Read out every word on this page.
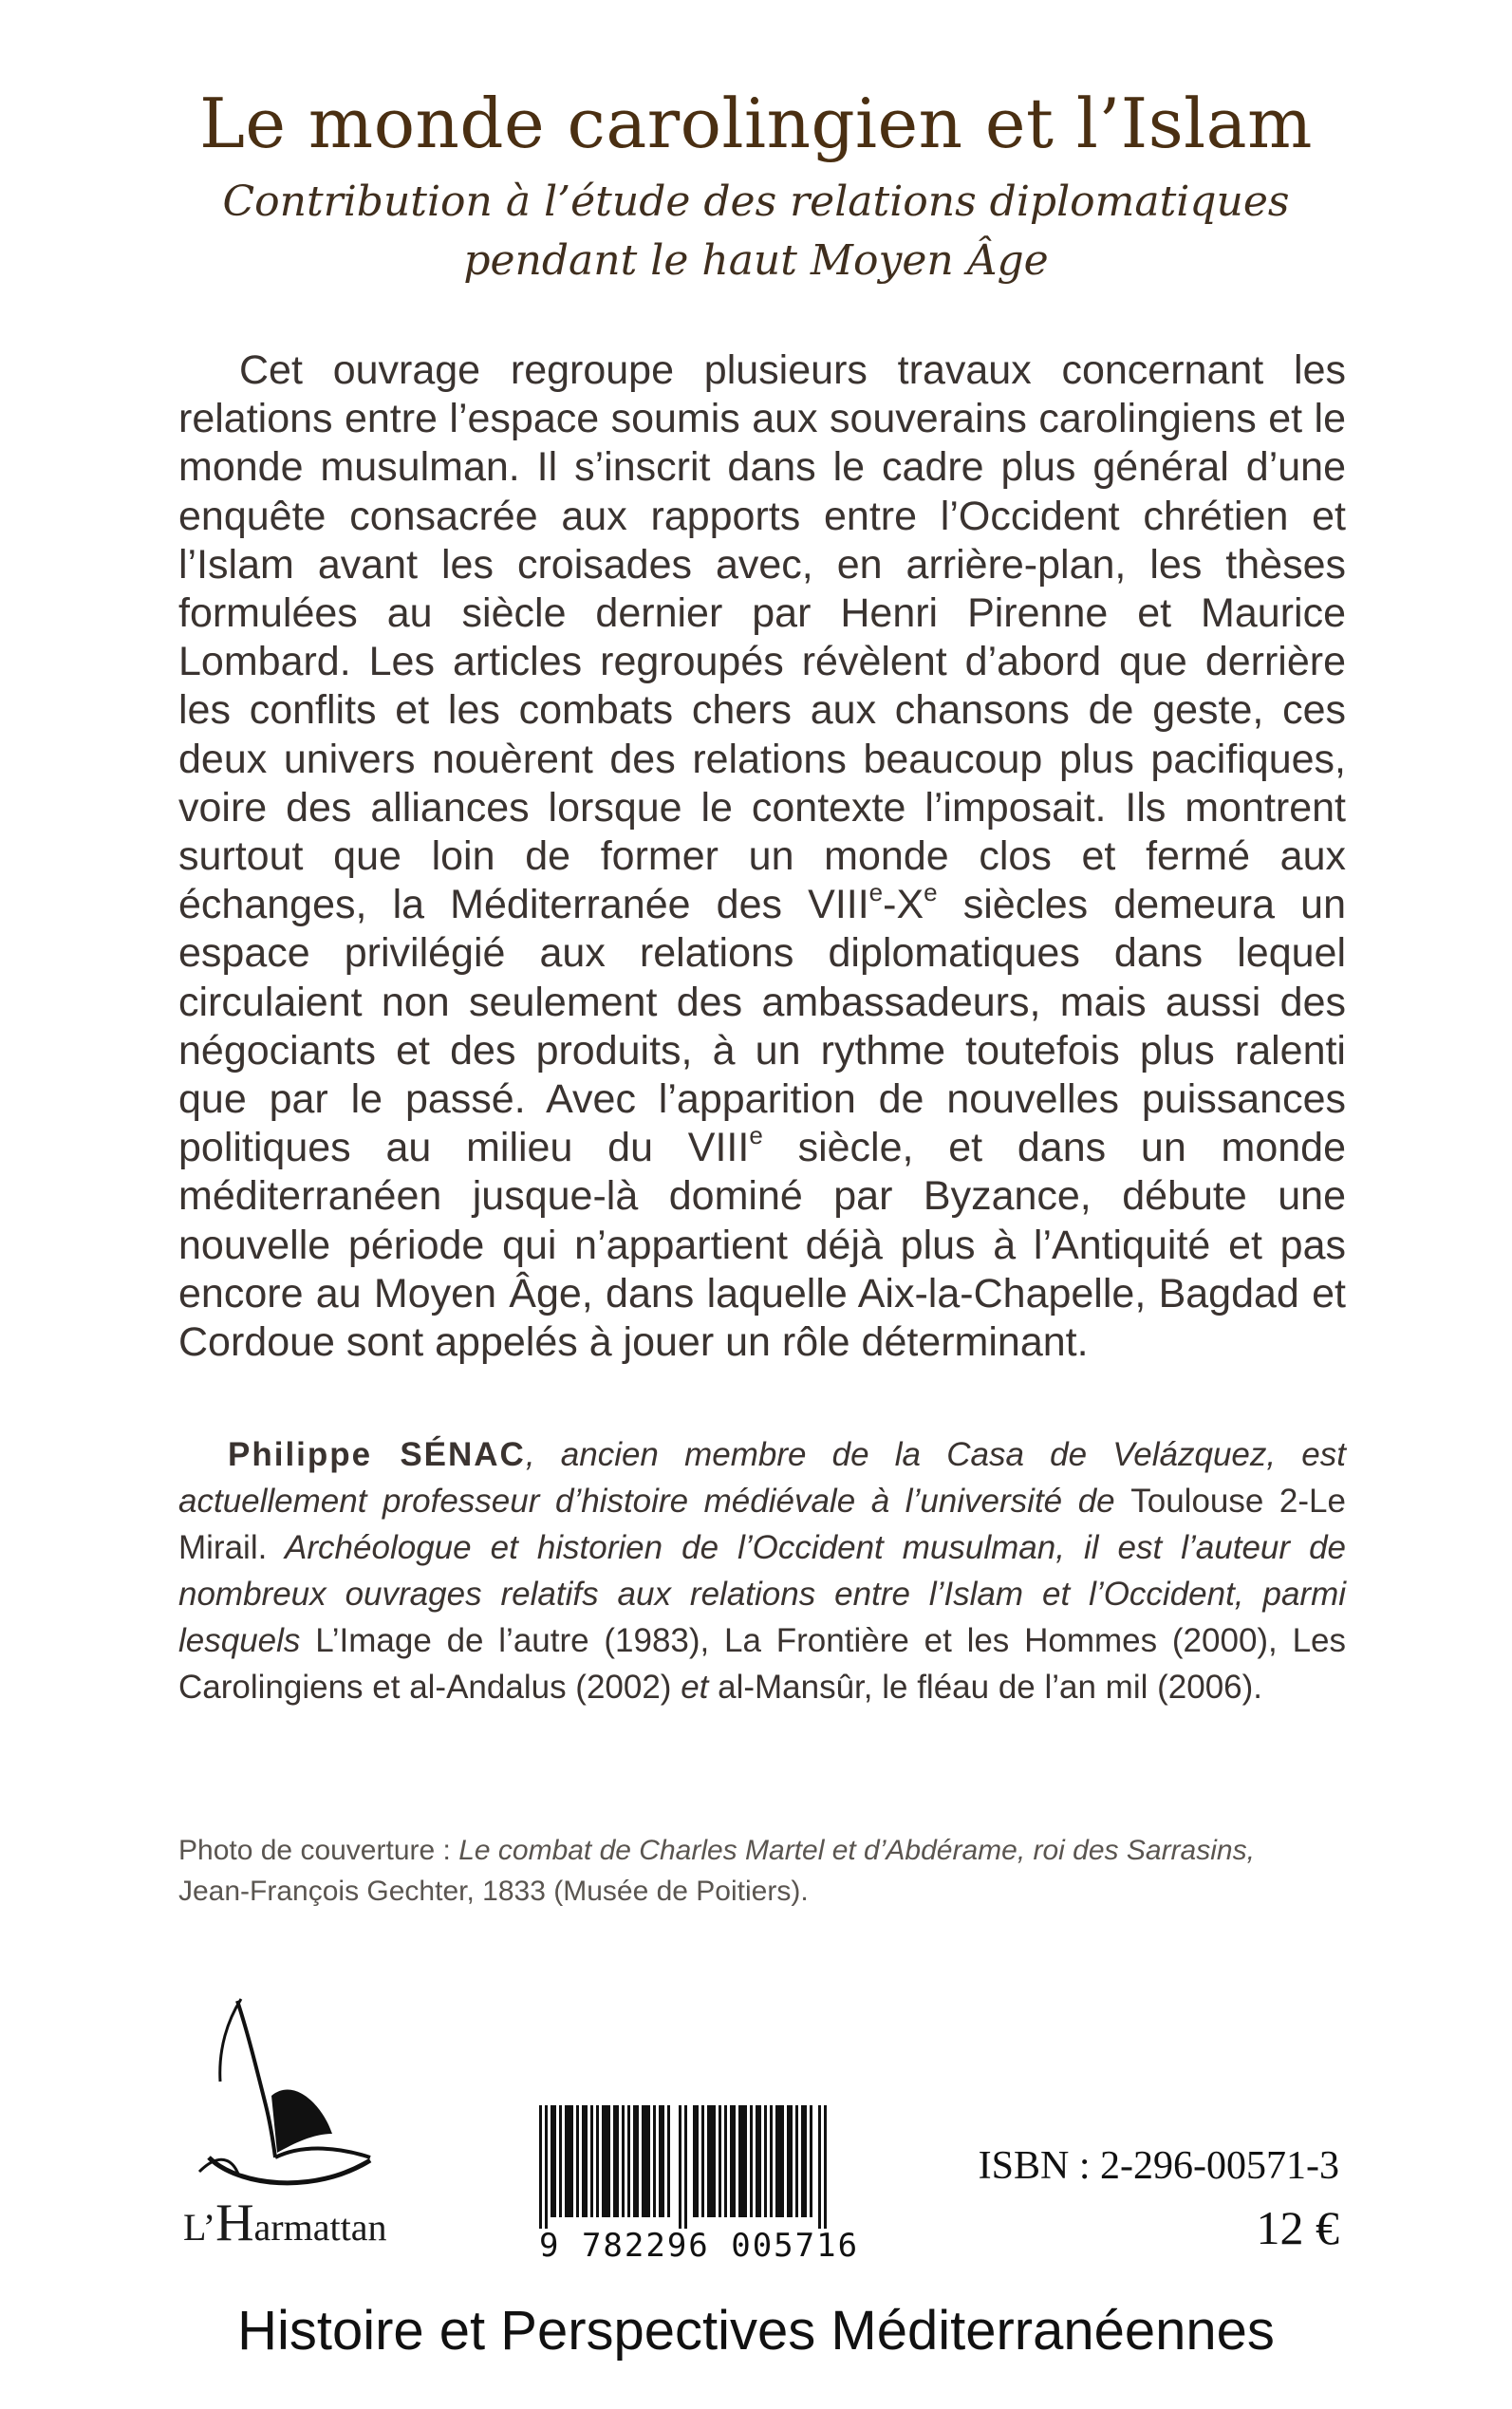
Le monde carolingien et l’Islam
Contribution à l’étude des relations diplomatiques
pendant le haut Moyen Âge
Cet ouvrage regroupe plusieurs travaux concernant les relations entre l’espace soumis aux souverains carolingiens et le monde musulman. Il s’inscrit dans le cadre plus général d’une enquête consacrée aux rapports entre l’Occident chrétien et l’Islam avant les croisades avec, en arrière-plan, les thèses formulées au siècle dernier par Henri Pirenne et Maurice Lombard. Les articles regroupés révèlent d’abord que derrière les conflits et les combats chers aux chansons de geste, ces deux univers nouèrent des relations beaucoup plus pacifiques, voire des alliances lorsque le contexte l’imposait. Ils montrent surtout que loin de former un monde clos et fermé aux échanges, la Méditerranée des VIIIe-Xe siècles demeura un espace privilégié aux relations diplomatiques dans lequel circulaient non seulement des ambassadeurs, mais aussi des négociants et des produits, à un rythme toutefois plus ralenti que par le passé. Avec l’apparition de nouvelles puissances politiques au milieu du VIIIe siècle, et dans un monde méditerranéen jusque-là dominé par Byzance, débute une nouvelle période qui n’appartient déjà plus à l’Antiquité et pas encore au Moyen Âge, dans laquelle Aix-la-Chapelle, Bagdad et Cordoue sont appelés à jouer un rôle déterminant.
Philippe SÉNAC, ancien membre de la Casa de Velázquez, est actuellement professeur d’histoire médiévale à l’université de Toulouse 2-Le Mirail. Archéologue et historien de l’Occident musulman, il est l’auteur de nombreux ouvrages relatifs aux relations entre l’Islam et l’Occident, parmi lesquels L’Image de l’autre (1983), La Frontière et les Hommes (2000), Les Carolingiens et al-Andalus (2002) et al-Mansûr, le fléau de l’an mil (2006).
Photo de couverture : Le combat de Charles Martel et d’Abdérame, roi des Sarrasins,
Jean-François Gechter, 1833 (Musée de Poitiers).
L’Harmattan	9 782296 005716
ISBN : 2-296-00571-3
12 €
Histoire et Perspectives Méditerranéennes
